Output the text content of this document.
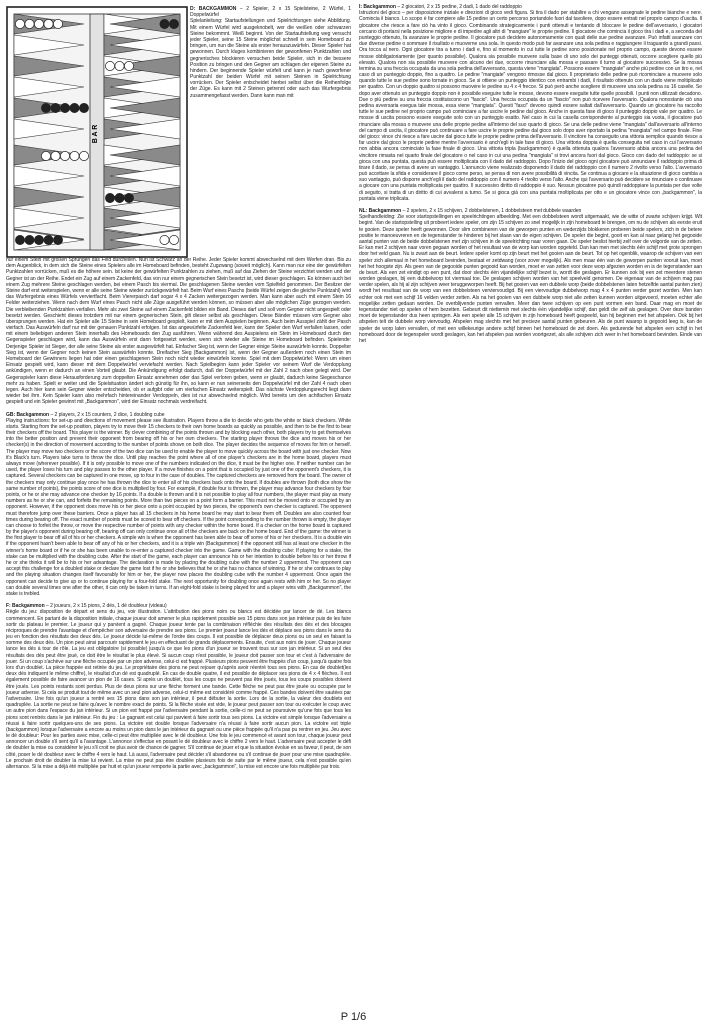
B A R
D: BACKGAMMON – 2 Spieler, 2 x 15 Spielsteine, 2 Würfel, 1 Doppelwürfel
Spielanleitung: Startaufstellungen und Spielrichtungen siehe Abbildung. Mit einem Würfel wird ausgeknobelt, wer die weißen oder schwarzen Steine bekommnt. Weiß beginnt. Von der Startaufstellung weg versucht jeder Spieler, seine 15 Steine möglichst schnell in sein Homeboard zu bringen, um nun die Steine als erster herauszuwürfeln. Dieser Spieler hat gewonnen. Durch kluges kombinieren der gewonfenen Punktzahlen und gegnerisches blockieren versuchen beide Spieler, sich in die bessere Position zu bringen und den Gegner am schlagen der eigenen Steine zu hindern. Der beginnende Spieler würfelt und kann je nach geworfener Punktzahl der beiden Würfel mit seinen Steinen in Spielrichtung vorrücken. Der Spieler entscheidet hierbei selbst über die Reihenfolge der Züge. Es kann mit 2 Steinen getrennt oder auch das Wurfergebnis zusammengefasst werden. Dann kann man mit

nur einem Stein mit großen Sprüngen das Feld durcheilen. Nun ist Schwarz an der Reihe. Jeder Spieler kommt abwechselnd mit dem Werfen dran. Bis zu dem Augenblick, in dem sich die Steine eines Spielers alle im Homeboard befinden, besteht Zugzwang (soweit möglich). Kann man nur eine der gewürfelten Punktzahlen vorrücken, muß es die höhere sein. Ist keine der gewürfelten Punktzahlen zu ziehen, muß auf das Ziehen der Steine verzichtet werden und der Gegner ist an der Reihe. Endet ein Zug auf einem Zackenfeld, das von nur einem gegnerischen Stein besetzt ist, wird dieser geschlagen. Es können auch bei einem Zug mehrere Steine geschlagen werden, bei einem Pasch bis viermal. Die geschlagenen Steine werden vom Spielfeld genommen. Der Besitzer der Steine darf erst weiterspielen, wenn er alle seine Steine wieder zurückgewürfelt hat. Beim Wurf eines Paschs (beide Würfel zeigen die gleiche Punktzahl) wird das Wurfergebnis eines Würfels verviertfacht. Beim Viererpasch darf sogar 4 x 4 Zacken weitergezogen werden. Man kann aber auch mit einem Stein 16 Felder weiterziehen. Wenn nach dem Wurf eines Pasch nicht alle Züge ausgeführt werden können, so müssen aber alle möglichen Züge gezogen werden. Die verbleibenden Punktzahlen verfallen. Mehr als zwei Steine auf einem Zackenfeld bilden ein Band. Dieses darf und soll vom Gegner nicht angespielt oder besetzt werden. Geschieht dieses trotzdem mit nur einem gegnerischen Stein, gilt dieser selbst als geschlagen. Diese Bänder müssen vom Gegner also übersprungen werden. Hat ein Spieler alle 15 Steine in sein Homeboard gespielt, kann er mit dem Auspielen beginnen. Auch beim Ausspiel zählt der Pasch vierfach. Das Auswürfeln darf nur mit der genauen Punktzahl erfolgen. Ist das angewürfelte Zackenfeld leer, kann der Spieler den Wurf verfallen lassen, oder mit einem beliebigen anderen Stein innerhalb des Homeboards den Zug ausführen. Wenn während des Auspielens ein Stein im Homeboard durch den Gegenspieler geschlagen wird, kann das Auswürfeln erst dann fortgesetzt werden, wenn sich wieder alle Steine im Homeboard befinden. Spielende: Derjenige Spieler ist Sieger, der alle seine Steine als erster ausgewürfelt hat. Einfacher Sieg ist, wenn der Gegner einige Steine auswürfeln konnte. Doppelter Sieg ist, wenn der Gegner noch keinen Stein auswürfeln konnte. Dreifacher Sieg (Backgammon) ist, wenn der Gegner außerdem noch einen Stein im Homeboard der Gewinners liegen hat oder einen geschlagenen Stein noch nicht wieder einwürfeln konnte. Spiel mit dem Doppelwürfel: Wenn um einen Einsatz gespielt wird, kann dieser mit dem Doppelwürfel verviefacht werden. Nach Spielbeginn kann jeder Spieler vor seinem Wurf die Verdopplung ankündigen, wenn er dadurch an einen Vorteil glaubt. Die Ankündigung erfolgt dadurch, daß der Doppelwürfel mit der Zahl 2 nach oben gelegt wird. Der Gegenspieler kann diese Herausforderung zum doppelten Einsatz annehmen oder das Spiel verloren geben, wenn er glaubt, dadurch keine Siegeschance mehr zu haben. Spielt er weiter und die Spielsituation ändert sich günstig für ihn, so kann er nun seinerseits den Doppelwürfel mit der Zahl 4 nach oben legen. Auch hier kann sein Gegner wieder entscheiden, ob er aufgibt oder um vierfachen Einsatz weiterspielt. Das nächste Verdopplungsrecht liegt dann wieder bei ihm. Kein Spieler kann also mehrfach hintereinander Verdoppeln, dies ist nur abwechselnd möglich. Wird bereits um den achtfachen Einsatz gespielt und ein Spieler gewinnt mit „Backgammon", wird der Einsatz nochmals verdreifacht.

GB: Backgammon – 2 players, 2 x 15 counters, 2 dice, 1 doubling cube
Playing instructions: for set-up and directions of movement please see illustration. Players throw a die to decide who gets the white or black checkers. White starts. Starting from the set-up position, players try to move their 15 checkers to their own home boards as quickly as possible, and then to be the first to bear their checkers off the board. This player is the winner. By clever combining of the points thrown and by blocking each other, both players try to get themselves into the better position and prevent their opponent from bearing off his or her own checkers. The starting player throws the dice and moves his or her checker(s) in the direction of movement according to the number of points shown on both dice. The player decides the sequence of moves for him or herself. The player may move two checkers or the score of the two dice can be used to enable the player to move quickly across the board with just one checker. Now it's Black's turn. Players take turns to throw the dice. Until play reaches the point where all of one player's checkers are in the home board, players must always move (wherever possible). If it is only possible to move one of the numbers indicated on the dice, it must be the higher one. If neither number can be used, the player loses his turn and play passes to the other player. If a move finishes on a point that is occupied by just one of the opponent's checkers, it is captured. Several checkers can be captured in one move, up to four in the case of doubles. The captured checkers are removed from the board. The owner of the checkers may only continue play once he has thrown the dice to enter all of his checkers back onto the board. If doubles are thrown (both dice show the same number of points), the points score of one dice is multiplied by four. For example, if double four is thrown, the player may advance four checkers by four points, or he or she may advance one checker by 16 points. If a double is thrown and it is not possible to play all four numbers, the player must play as many numbers as he or she can, and forfeits the remaining points. More than two pieces on a point form a barrier. This must not be moved onto or occupied by an opponent. However, if the opponent does move his or her piece onto a point occupied by two pieces, the opponent's own checker is captured. The opponent must therefore jump over these barriers. Once a player has all 15 checkers in his home board he may start to bear them off. Doubles are also counted four times during bearing off. The exact number of points must be scored to bear off checkers. If the point corresponding to the number thrown is empty, the player can choose to forfeit the throw, or move the respective number of points with any checker within the home board. If a checker on the home board is captured by the player's opponent during bearing off, bearing off can only continue once all of the checkers are back on the home board. End of the game: the winner is the first player to bear off all of his or her checkers. A simple win is when the opponent has been able to bear off some of his or her checkers. It is a double win if the opponent hasn't been able to bear off any of his or her checkers, and it is a triple win (Backgammon) if the opponent still has at least one checker in the winner's home board or if he or she has been unable to re-enter a captured checker into the game. Game with the doubling cube: If playing for a stake, the stake can be multiplied with the doubling cube. After the start of the game, each player can announce his or her intention to double before his or her throw if he or she thinks it will be to his or her advantage. The declaration is made by placing the doubling cube with the number 2 uppermost. The opponent can accept this challenge for a doubled stake or declare the game lost if he or she believes that he or she has no chance of winning. If he or she continues to play and the playing situation changes itself favourably for him or her, the player now places the doubling cube with the number 4 uppermost. Once again the opponent can decide to give up or to continue playing for a four-fold stake. The next opportunity for doubling once again rests with him or her. So no player can double several times one after the other, it can only be taken in turns. If an eight-fold stake is being played for and a player wins with „Backgammon", the stake is trebled.

F: Backgammon – 2 joueurs, 2 x 15 pions, 2 dés, 1 dé doubleur (videau)
Règle du jeu: disposition de départ et sens du jeu, voir illustration. L'attribution des pions noirs ou blancs est décidée par lancer de dé. Les blancs commencent. En partant de la disposition initiale, chaque joueur doit amener le plus rapidement possible ses 15 pions dans son jan intérieur puis de les faire sortir du plateau le premier. Le joueur qui y parvient a gagné. Chaque joueur tente par la combinaison réfléchie des résultats des dés et des blocages réciproques de prendre l'avantage et d'empêcher son adversaire de prendre ses pions. Le premier joueur lance les dés et déplace ses pions dans le sens du jeu en fonction des résultats des deux dés. Le joueur décide lui-même de l'ordre des coups. Il est possible de déplacer deux pions ou un seul en faisant la somme des deux dés. Un pion peut ainsi parcourir rapidement le jeu en effectuant de grands déplacements. Ensuite, c'est aux noirs de jouer. Chaque joueur lance les dés à tour de rôle. La jeu est obligatoire (si possible) jusqu'à ce que les pions d'un joueur se trouvent tous sur son jan intérieur. Si un seul des résultats des dés peut être joué, ce doit être le résultat le plus élevé. Si aucun coup n'est possible, le joueur doit passer son tour et c'est à l'adversaire de jouer. Si un coup s'achève sur une flèche occupée par un pion adverse, celui-ci est frappé. Plusieurs pions peuvent être frappés d'un coup, jusqu'à quatre fois lors d'un doublet. La pièce frappée est retirée du jeu. Le propriétaire des pions ne peut rejouer qu'après avoir réentré tous ses pions. En cas de doublet(les deux dés indiquent le même chiffre), le résultat d'un dé est quadruplé. En cas de double quatre, il est possible de déplacer ses pions de 4 x 4 flèches. Il est également possible de faire avancer un pion de 16 cases. Si après un doublet, tous les coups ne peuvent pas être joués, tous les coups possibles doivent être joués. Les points restants sont perdus. Plus de deux pions sur une flèche forment une bande. Cette flèche ne peut pas être jouée ou occupée par le joueur adverse. Si cela se produit tout de même avec un seul pion adverse, celui-ci même est considéré comme frappé. Ces bandes doivent être sautées par l'adversaire. Une fois qu'un joueur a rentré ses 15 pions dans son jan intérieur, il peut débuter la sortie. Lors de la sortie, la valeur des doublets est quadruplée. La sortie ne peut se faire qu'avec le nombre exact de points. Si la flèche visée est vide, le joueur peut passer son tour ou exécuter le coup avec un autre pion dans l'espace du jan intérieur. Si un pion est frappé par l'adversaire pendant la sortie, celle-ci ne peut se poursuivre qu'une fois que tous les pions sont rentrés dans le jan intérieur. Fin du jeu : Le gagnant est celui qui parvient à faire sortir tous ses pions. La victoire est simple lorsque l'adversaire a réussi à faire sortir quelques-uns de ses pions. La victoire est double lorsque l'adversaire n'a réussi à faire sortir aucun pion. La victoire est triple (backgammon) lorsque l'adversaire a encore au moins un pion dans le jan intérieur du gagnant ou une pièce frappée qu'il n'a pas pu rentrer en jeu. Jeu avec le dé doubleur: Pour les parties avec mise, celle-ci peut être multipliée avec le dé doubleur. Une fois le jeu commencé et avant son tour, chaque joueur peut annoncer un double s'il sent qu'il a l'avantage. L'annonce s'effectue en posant le dé doubleur avec le chiffre 2 vers le haut. L'adversaire peut accepter le défi de doubler la mise ou considérer le jeu s'il croit ne plus avoir de chance de gagner. S'il continue de jouer et que la situation évolue en sa faveur, il peut, de son côté, poser le dé doubleur avec le chiffre 4 vers le haut. Là aussi, l'adversaire peut décider s'il abandonne ou s'il continue de jouer pour une mise quadruplée. Le prochain droit de doubler la mise lui revient. La mise ne peut pas être doublée plusieurs fois de suite par le même joueur, cela n'est possible qu'en alternance. Si la mise a déjà été multipliée par huit et qu'un joueur remporte la partie avec „backgammon", la mise est encore une fois multipliée par trois.

I: Backgammon – 2 giocatori, 2 x 15 pedine, 2 dadi, 1 dado del raddoppio
Istruzioni del gioco – per disposizione iniziale e direzioni di gioco vedi figura. Si tira il dado per stabilire a chi vengano assegnate le pedine bianche e nere. Comincia il bianco. Lo scopo è far compiere alle 15 pedine un certo percorso portandole fuori dal tavoliere, dopo essere entrati nel proprio campo d'uscita. Il giocatore che riesce a fare ciò ha vinto il gioco. Combinando strategicamente i punti ottenuti e tentando di bloccare le pedine dell'avversario, i giocatori cercano di portarsi nella posizione migliore e di impedire agli altri di "mangiare" le proprie pedine. Il giocatore che comincia il gioco tira i dadi e, a seconda del punteggio ottenuto, fa avanzare le proprie pedine. Il giocatore può decidere autonomamente con quali delle sue pedine avanzare. Può infatti avanzare con due diverse pedine o sommare il risultato e muoverne una sola. In questo modo può far avanzare una sola pedina e raggiungere il traguardo a grandi passi. Ora tocca al nero. Ogni giocatore tira a turno i dadi e, fino al momento in cui tutte le pedine sono posizionate nel proprio campo, queste devono essere mosse obbligatoriamente (per quanto possibile). Qualora sia possibile muovere sulla base di uno solo dei punteggi ottenuti, occorre scegliere quello più elevato. Qualora non sia possibile muovere con alcuno dei due, occorre rinunciare alla mossa e passare il turno al giocatore successivo. Se la mossa termina su una freccia occupata da una sola pedina dell'avversario, questa viene "mangiata". Possono essere "mangiate" anche più pedine con un tiro e, nel caso di un punteggio doppio, fino a quattro. Le pedine "mangiate" vengono rimosse dal gioco. Il proprietario delle pedine può ricominciare a muovere solo quando tutte le sue pedine sono tornate in gioco. Se si ottiene un punteggio identico con entrambi i dadi, il risultato ottenuto con un dado viene moltiplicato per quattro. Con un doppio quattro si possono muovere le pedine su 4 x 4 frecce. Si può però anche scegliere di muovere una sola pedina su 16 caselle. Se dopo aver ottenuto un punteggio doppio non è possibile eseguire tutte le mosse, devono essere eseguite tutte quelle possibili. I punti non utilizzati decadono. Due o più pedine su una freccia costituiscono un "fascio". Una freccia occupata da un "fascio" non può ricevere l'avversario. Qualora nonostante ciò una pedina avversaria esegua tale mossa, essa viene "mangiata". Questi "fasci" devono quindi essere saltati dall'avversario. Quando un giocatore ha raccolto tutte le sue pedine nel proprio campo può cominciare a far uscire le pedine dal gioco. Anche in questa fase di gioco il punteggio doppio vale per quattro. Le mosse di uscita possono essere eseguite solo con un punteggio esatto. Nel caso in cui la casella corrispondente al punteggio sia vuota, il giocatore può rinunciare alla mossa o muovere una delle proprie pedine all'interno del suo quarto di gioco. Se una delle pedine viene "mangiata" dall'avversario all'interno del campo di uscita, il giocatore può continuare a fare uscire le proprie pedine dal gioco solo dopo aver riportato la pedina "mangiata" nel campo finale. Fine del gioco: vince chi riesce a fare uscire dal gioco tutte le proprie pedine prima dell'avversario. Il vincitore ha conseguito una vittoria semplice quando riesce a far uscire dal gioco le proprie pedine mentre l'avversario è anch'egli in tale fase di gioco. Una vittoria doppia è quella conseguita nel caso in cui l'avversario non abbia ancora cominciato la fase finale di gioco. Una vittoria tripla (backgammon) è quella ottenuta qualora l'avversario abbia ancora una pedina del vincitore rimasta nel quarto finale del giocatore o nel caso in cui una pedina "mangiata" si trovi ancora fuori dal gioco. Gioco con dado del raddoppio: se si gioca con una puntata, questa può essere moltiplicata con il dado del raddoppio. Dopo l'inizio del gioco ogni giocatore può annunciare il raddoppio prima di tirare il dado, se pensa di avere un vantaggio. L'annuncio viene realizzato disponendo il dado del raddoppio con il numero 2 rivolto verso l'alto. L'avversario può accettare la sfida e considerare il gioco come perso, se pensa di non avere possibilità di vincita. Se continua a giocare e la situazione di gioco cambia a suo vantaggio, può disporre anch'egli il dado del raddoppio con il numero 4 rivolto verso l'alto. Anche qui l'avversario può decidere se rinunciare o continuare a giocare con una puntata moltiplicata per quattro. Il successivo diritto di raddoppio è suo. Nessun giocatore può quindi raddoppiare la puntata per due volte di seguito, si tratta di un diritto di cui avvalersi a turno. Se si gioca già con una puntata moltiplicata per otto e un giocatore vince con „backgammon", la puntata viene triplicata.

NL: Backgammon – 2 spelers, 2 x 15 schijven, 2 dobbelstenen, 1 dobbelsteen met dubbele waarden
Spelhandleiding: Zie voor startopstellingen en speelrichtingen afbeelding. Met een dobbelsteen wordt uitgemaakt, wie de witte of zwarte schijven krijgt. Wit begint. Van de startopstelling uit probeert iedere speler, om zijn 15 schijven zo snel mogelijk in zijn homeboard te brengen, om nu de schijven als eerste eruit te gooien. Deze speler heeft gewonnen. Door slim combineren van de geworpen punten en wederzijds blokkeren proberen beide spelers, zich in de betere positie te manoeuvreren en de tegenstander te hinderen bij het slaan van de eigen schijven. De speler die begint, gooit en kan al naar gelang het gegooide aantal punten van de beide dobbelstenen met zijn schijven in de speelrichting naar voren gaan. De speler beslist hierbij zelf over de volgorde van de zetten. Er kan met 2 schijven naar voren gegaan worden of het resultaat van de worp kan worden opgeteld. Dan kan men met slechts één schijf met grote sprongen door het veld gaan. Nu is zwart aan de beurt. Iedere speler komt op zijn beurt met het gooien aan de beurt. Tot op het ogenblik, waarop de schijven van een speler zich allemaal in het homeboard bevinden, bestaat er zetdwang (voor zover mogelijk). Als men maar één van de geworpen punten vooruit kan, moet het het hoogste zijn. Als geen van de gegooide punten gegooid kan worden, moet er van zetten voor deze worp afgezien worden en is de tegenstander aan de beurt. Als een zet eindigt op een punt, dat door slechts één vijandelijke schijf bezet is, wordt die geslagen. Er kunnen ook bij een zet meerdere stenen worden geslagen, bij een dubbelworp tot viermaal toe. De geslagen schijven worden van het speelveld genomen. De eigenaar van de schijven mag pas verder spelen, als hij al zijn schijven weer teruggeworpen heeft. Bij het gooien van een dubbele worp (beide dobbelstenen laten hetzelfde aantal punten zien) wordt het resultaat van de worp van een dobbelsteen verviervoudigd. Bij een viervoudige dubbelworp mag 4 x 4 punten verder gezet worden. Men kan echter ook met een schijf 16 velden verder zetten. Als na het gooien van een dubbele worp niet alle zetten kunnen worden uitgevoerd, moeten echter alle mogelijke zetten gedaan worden. De overblijvende punten vervallen. Meer dan twee schijven op een punt vormen een band. Daar mag en moet de tegenstander niet op spelen of hem bezetten. Gebeurt dit niettemin met slechts één vijandelijke schijf, dan geldt die zelf als geslagen. Over deze banden moet de tegenstander dus heen springen. Als een speler alle 15 schijven in zijn homeboard heeft gespeeld, kan hij beginnen met het afspelen. Ook bij het afspelen telt de dubbele worp viervoudig. Afspelen mag slechts met het precieze aantal punten gebeuren. Als de punt waarop is gegooid leeg is, kan de speler de worp laten vervallen, of met een willekeurige andere schijf binnen het homeboard de zet doen. Als gedurende het afspelen een schijf in het homeboard door de tegenspeler wordt geslagen, kan het afspelen pas worden voortgezet, als alle schijven zich weer in het homeboard bevinden. Einde van het

P 1/6
